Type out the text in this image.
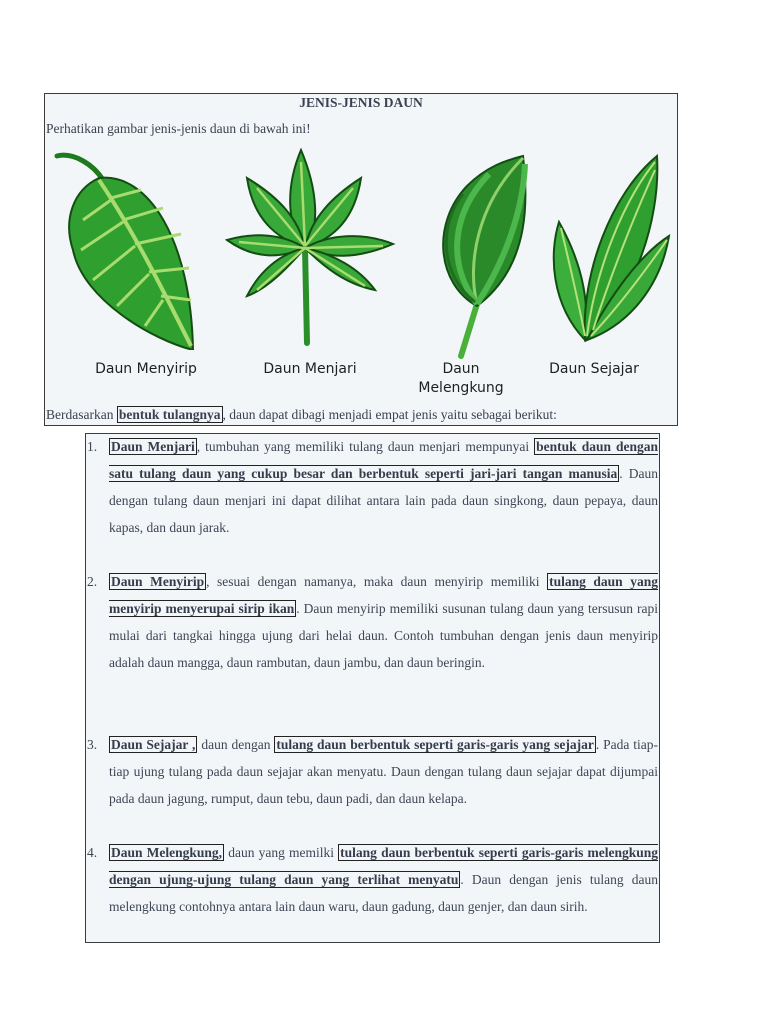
JENIS-JENIS DAUN
Perhatikan gambar jenis-jenis daun di bawah ini!
Daun Menyirip	Daun Menjari	Daun
Melengkung
Daun Sejajar
Berdasarkan bentuk tulangnya , daun dapat dibagi menjadi empat jenis yaitu sebagai berikut:
1. Daun Menjari , tumbuhan yang memiliki tulang daun menjari mempunyai bentuk daun dengan satu tulang daun yang cukup besar dan berbentuk seperti jari-jari tangan manusia . Daun dengan tulang daun menjari ini dapat dilihat antara lain pada daun singkong, daun pepaya, daun kapas, dan daun jarak.
2. Daun Menyirip , sesuai dengan namanya, maka daun menyirip memiliki tulang daun yang menyirip menyerupai sirip ikan . Daun menyirip memiliki susunan tulang daun yang tersusun rapi mulai dari tangkai hingga ujung dari helai daun. Contoh tumbuhan dengan jenis daun menyirip adalah daun mangga, daun rambutan, daun jambu, dan daun beringin.
3. Daun Sejajar , daun dengan tulang daun berbentuk seperti garis-garis yang sejajar . Pada tiap-tiap ujung tulang pada daun sejajar akan menyatu. Daun dengan tulang daun sejajar dapat dijumpai pada daun jagung, rumput, daun tebu, daun padi, dan daun kelapa.
4. Daun Melengkung, daun yang memilki tulang daun berbentuk seperti garis-garis melengkung dengan ujung-ujung tulang daun yang terlihat menyatu . Daun dengan jenis tulang daun melengkung contohnya antara lain daun waru, daun gadung, daun genjer, dan daun sirih.
